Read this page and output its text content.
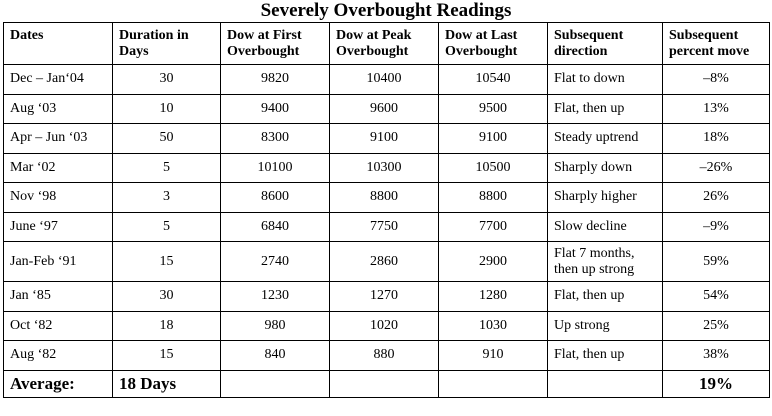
Severely Overbought Readings
Dates	Duration in Days	Dow at First Overbought	Dow at Peak Overbought	Dow at Last Overbought	Subsequent direction	Subsequent percent move
Dec – Jan‘04	30	9820	10400	10540	Flat to down	–8%
Aug ‘03	10	9400	9600	9500	Flat, then up	13%
Apr – Jun ‘03	50	8300	9100	9100	Steady uptrend	18%
Mar ‘02	5	10100	10300	10500	Sharply down	–26%
Nov ‘98	3	8600	8800	8800	Sharply higher	26%
June ‘97	5	6840	7750	7700	Slow decline	–9%
Jan-Feb ‘91	15	2740	2860	2900	Flat 7 months, then up strong	59%
Jan ‘85	30	1230	1270	1280	Flat, then up	54%
Oct ‘82	18	980	1020	1030	Up strong	25%
Aug ‘82	15	840	880	910	Flat, then up	38%
Average:	18 Days					19%
